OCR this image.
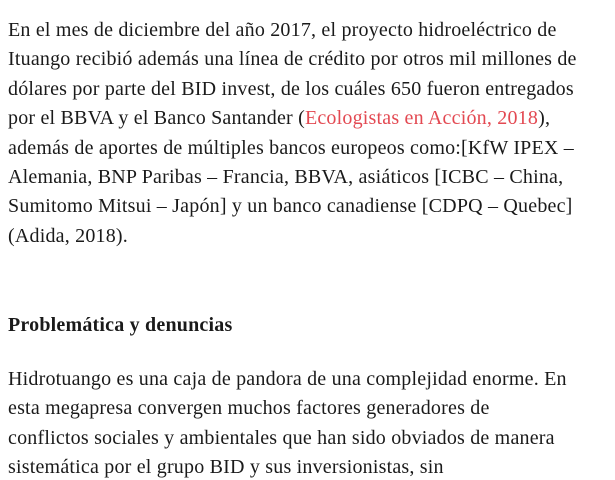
En el mes de diciembre del año 2017, el proyecto hidroeléctrico de
Ituango recibió además una línea de crédito por otros mil millones de
dólares por parte del BID invest, de los cuáles 650 fueron entregados
por el BBVA y el Banco Santander (Ecologistas en Acción, 2018),
además de aportes de múltiples bancos europeos como:[KfW IPEX –
Alemania, BNP Paribas – Francia, BBVA, asiáticos [ICBC – China,
Sumitomo Mitsui – Japón] y un banco canadiense [CDPQ – Quebec]
(Adida, 2018).
Problemática y denuncias
Hidrotuango es una caja de pandora de una complejidad enorme. En
esta megapresa convergen muchos factores generadores de
conflictos sociales y ambientales que han sido obviados de manera
sistemática por el grupo BID y sus inversionistas, sin
